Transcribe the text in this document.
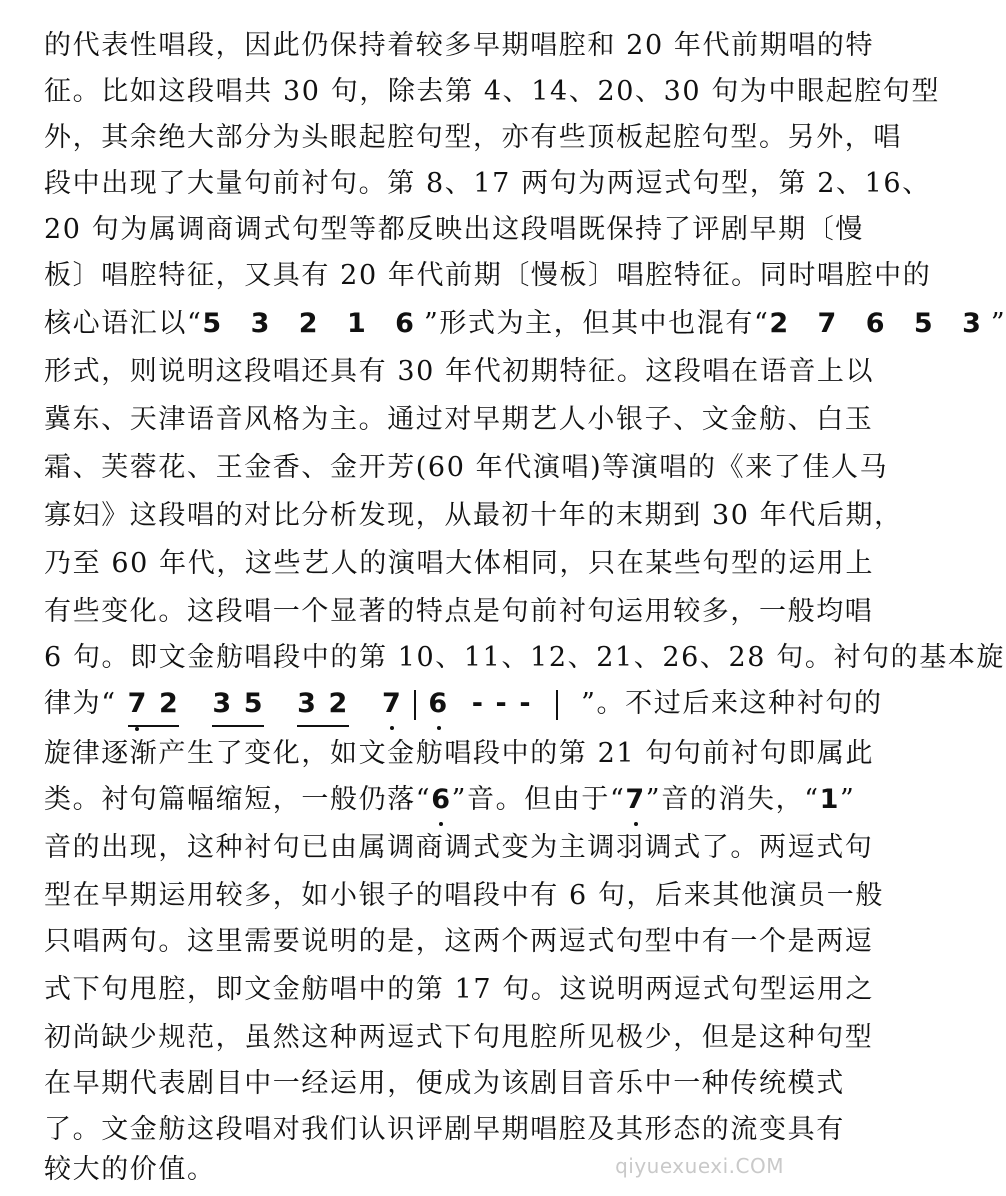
的代表性唱段，因此仍保持着较多早期唱腔和 20 年代前期唱的特
征。比如这段唱共 30 句，除去第 4、14、20、30 句为中眼起腔句型
外，其余绝大部分为头眼起腔句型，亦有些顶板起腔句型。另外，唱
段中出现了大量句前衬句。第 8、17 两句为两逗式句型，第 2、16、
20 句为属调商调式句型等都反映出这段唱既保持了评剧早期〔慢
板〕唱腔特征，又具有 20 年代前期〔慢板〕唱腔特征。同时唱腔中的
核心语汇以“5 3 2 1 6”形式为主，但其中也混有“2 7 6 5 3”
形式，则说明这段唱还具有 30 年代初期特征。这段唱在语音上以
冀东、天津语音风格为主。通过对早期艺人小银子、文金舫、白玉
霜、芙蓉花、王金香、金开芳(60 年代演唱)等演唱的《来了佳人马
寡妇》这段唱的对比分析发现，从最初十年的末期到 30 年代后期，
乃至 60 年代，这些艺人的演唱大体相同，只在某些句型的运用上
有些变化。这段唱一个显著的特点是句前衬句运用较多，一般均唱
6 句。即文金舫唱段中的第 10、11、12、21、26、28 句。衬句的基本旋
律为“ 7 2 3 5 3 2 7 6 - - - ”。不过后来这种衬句的
旋律逐渐产生了变化，如文金舫唱段中的第 21 句句前衬句即属此
类。衬句篇幅缩短，一般仍落“6
”音。但由于“7
”音的消失，“1”
音的出现，这种衬句已由属调商调式变为主调羽调式了。两逗式句
型在早期运用较多，如小银子的唱段中有 6 句，后来其他演员一般
只唱两句。这里需要说明的是，这两个两逗式句型中有一个是两逗
式下句甩腔，即文金舫唱中的第 17 句。这说明两逗式句型运用之
初尚缺少规范，虽然这种两逗式下句甩腔所见极少，但是这种句型
在早期代表剧目中一经运用，便成为该剧目音乐中一种传统模式
了。文金舫这段唱对我们认识评剧早期唱腔及其形态的流变具有
较大的价值。	qiyuexuexi.COM
